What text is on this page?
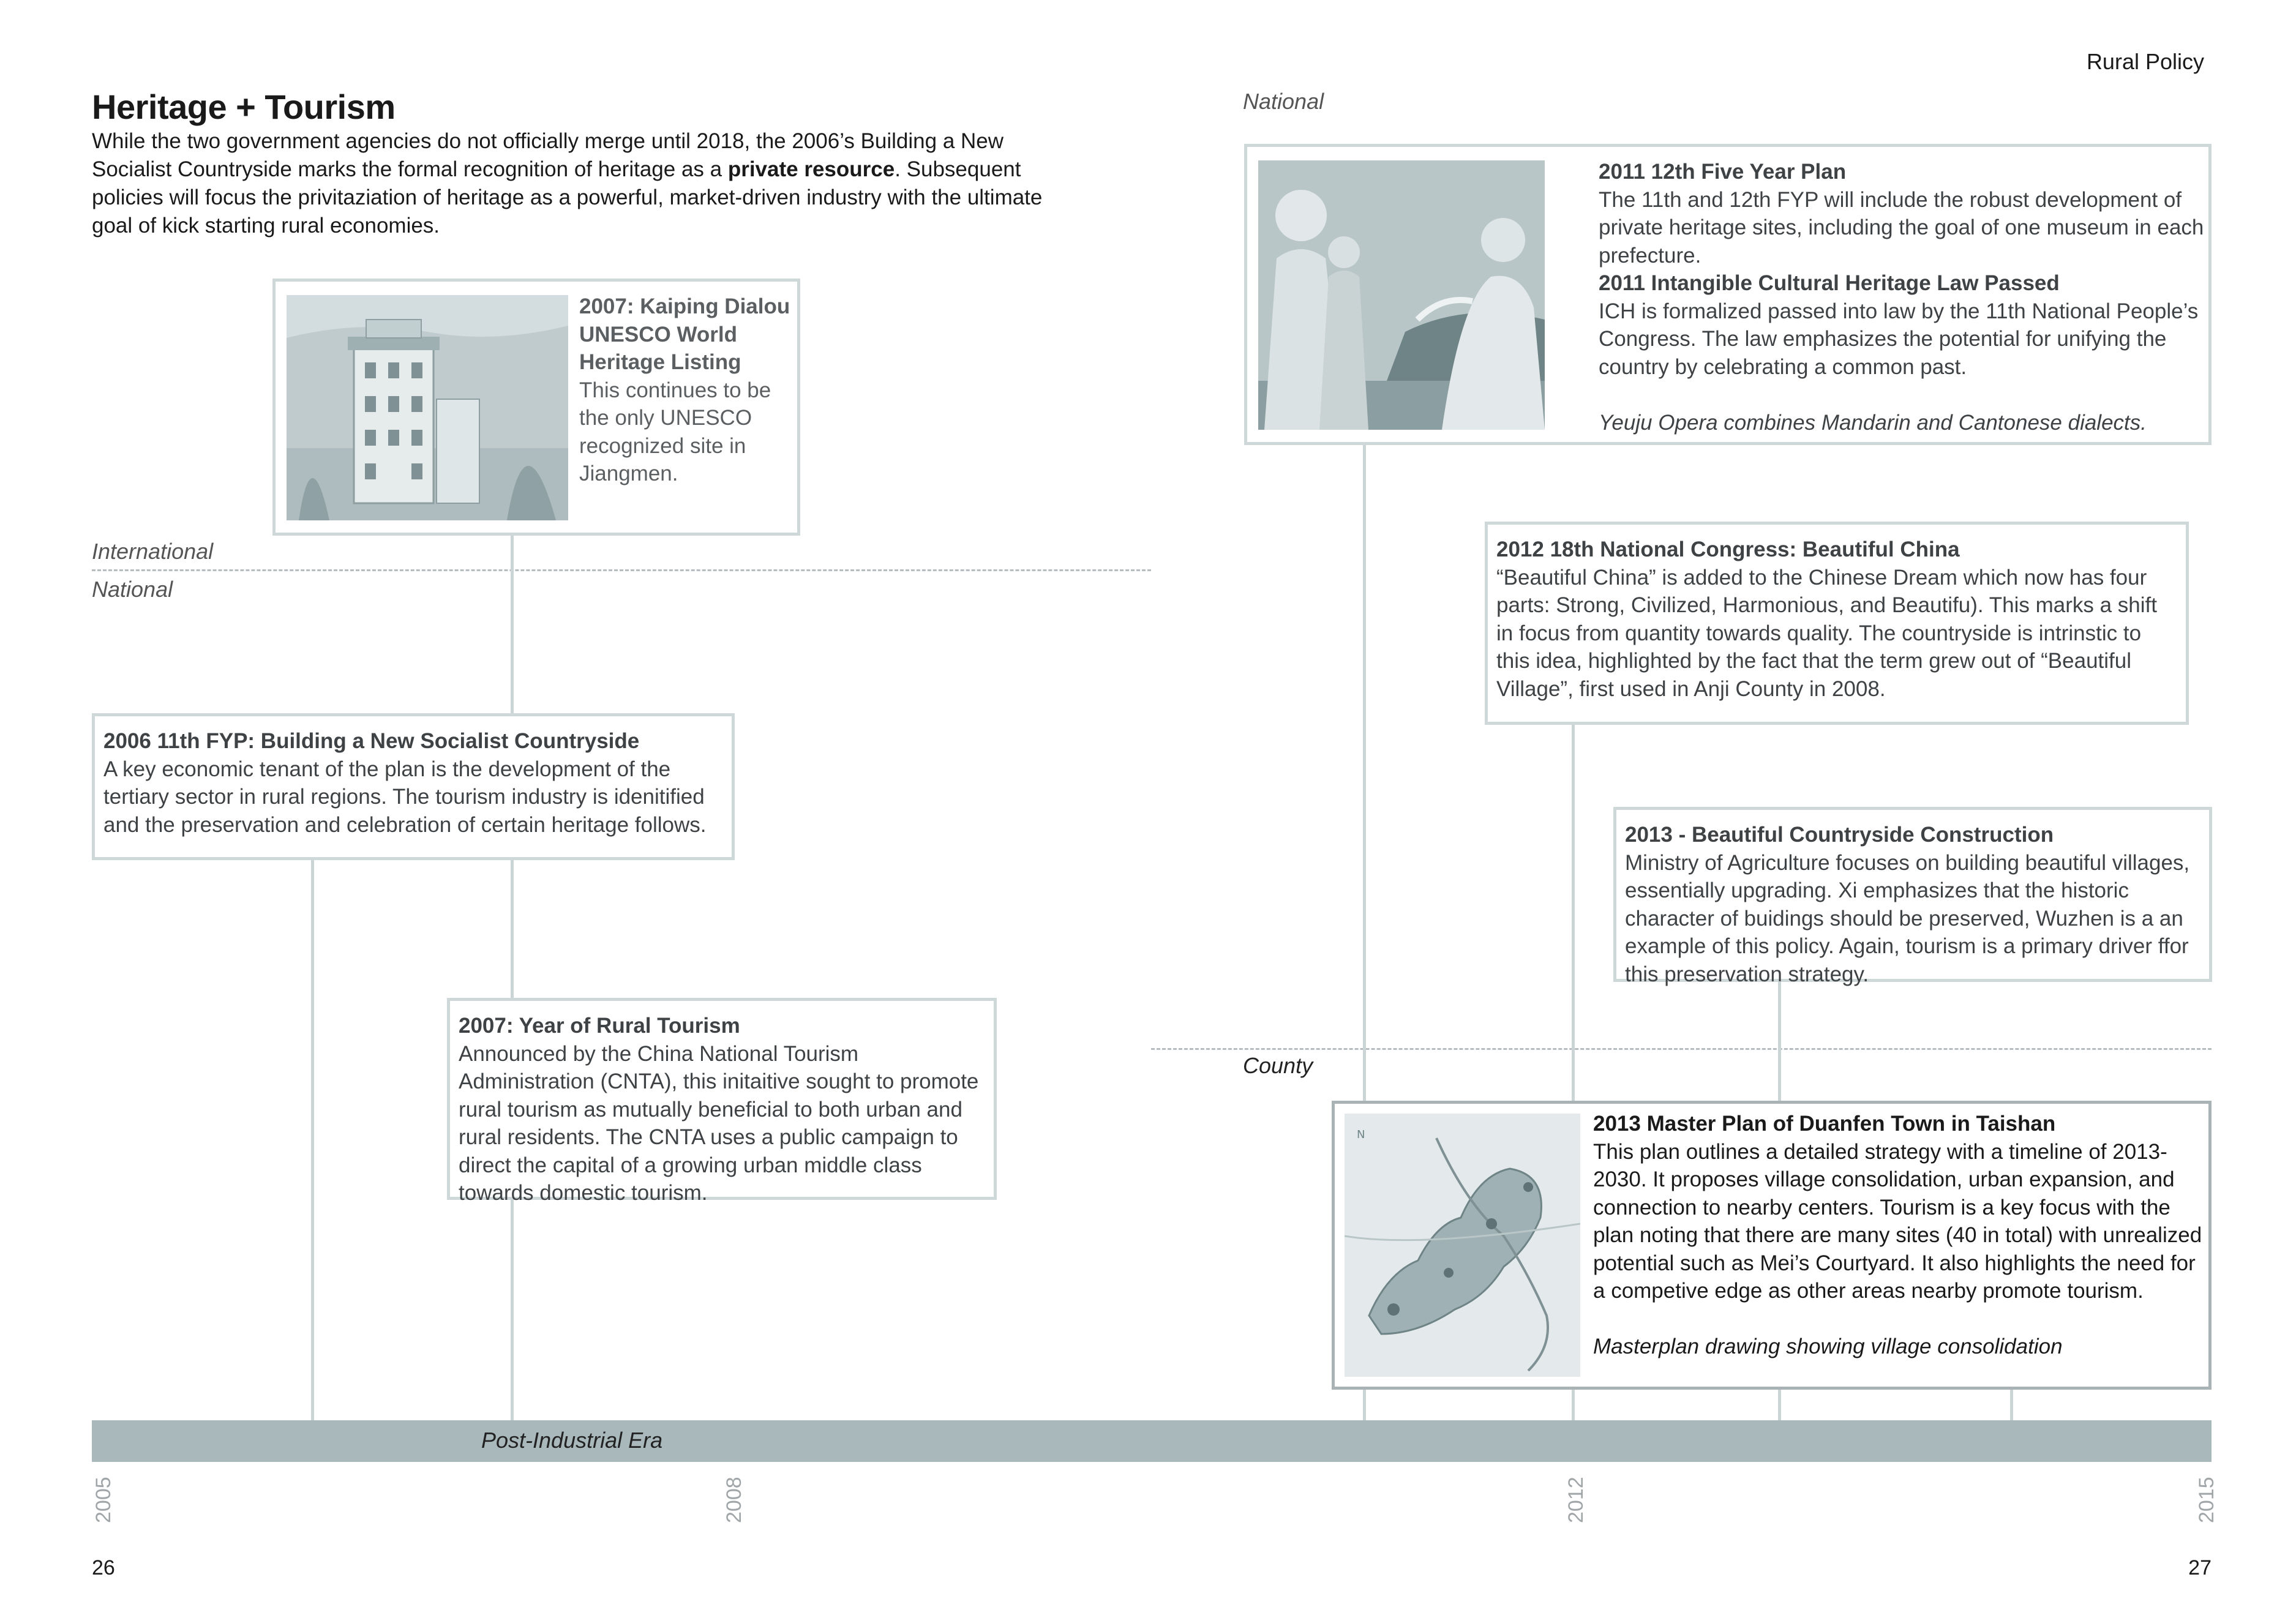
Rural Policy
Heritage + Tourism
While the two government agencies do not officially merge until 2018, the 2006’s Building a New Socialist Countryside marks the formal recognition of heritage as a private resource. Subsequent policies will focus the privitaziation of heritage as a powerful, market-driven industry with the ultimate goal of kick starting rural economies.
International
National
National
County
2007: Kaiping Dialou UNESCO World Heritage Listing
This continues to be the only UNESCO recognized site in Jiangmen.
2006 11th FYP: Building a New Socialist Countryside
A key economic tenant of the plan is the development of the tertiary sector in rural regions. The tourism industry is idenitified and the preservation and celebration of certain heritage follows.
2007: Year of Rural Tourism
Announced by the China National Tourism Administration (CNTA), this initaitive sought to promote rural tourism as mutually beneficial to both urban and rural residents. The CNTA uses a public campaign to direct the capital of a growing urban middle class towards domestic tourism.
2011 12th Five Year Plan
The 11th and 12th FYP will include the robust development of private heritage sites, including the goal of one museum in each prefecture.
2011 Intangible Cultural Heritage Law Passed
ICH is formalized passed into law by the 11th National People’s Congress. The law emphasizes the potential for unifying the country by celebrating a common past.

Yeuju Opera combines Mandarin and Cantonese dialects.
2012 18th National Congress: Beautiful China
“Beautiful China” is added to the Chinese Dream which now has four parts: Strong, Civilized, Harmonious, and Beautifu). This marks a shift in focus from quantity towards quality. The countryside is intrinstic to this idea, highlighted by the fact that the term grew out of “Beautiful Village”, first used in Anji County in 2008.
2013 - Beautiful Countryside Construction
Ministry of Agriculture focuses on building beautiful villages, essentially upgrading. Xi emphasizes that the historic character of buidings should be preserved, Wuzhen is a an example of this policy. Again, tourism is a primary driver ffor this preservation strategy.
N	2013 Master Plan of Duanfen Town in Taishan
This plan outlines a detailed strategy with a timeline of 2013-2030. It proposes village consolidation, urban expansion, and connection to nearby centers. Tourism is a key focus with the plan noting that there are many sites (40 in total) with unrealized potential such as Mei’s Courtyard. It also highlights the need for a competive edge as other areas nearby promote tourism.

Masterplan drawing showing village consolidation
Post-Industrial Era
2005	2008	2012	2015
26	27
